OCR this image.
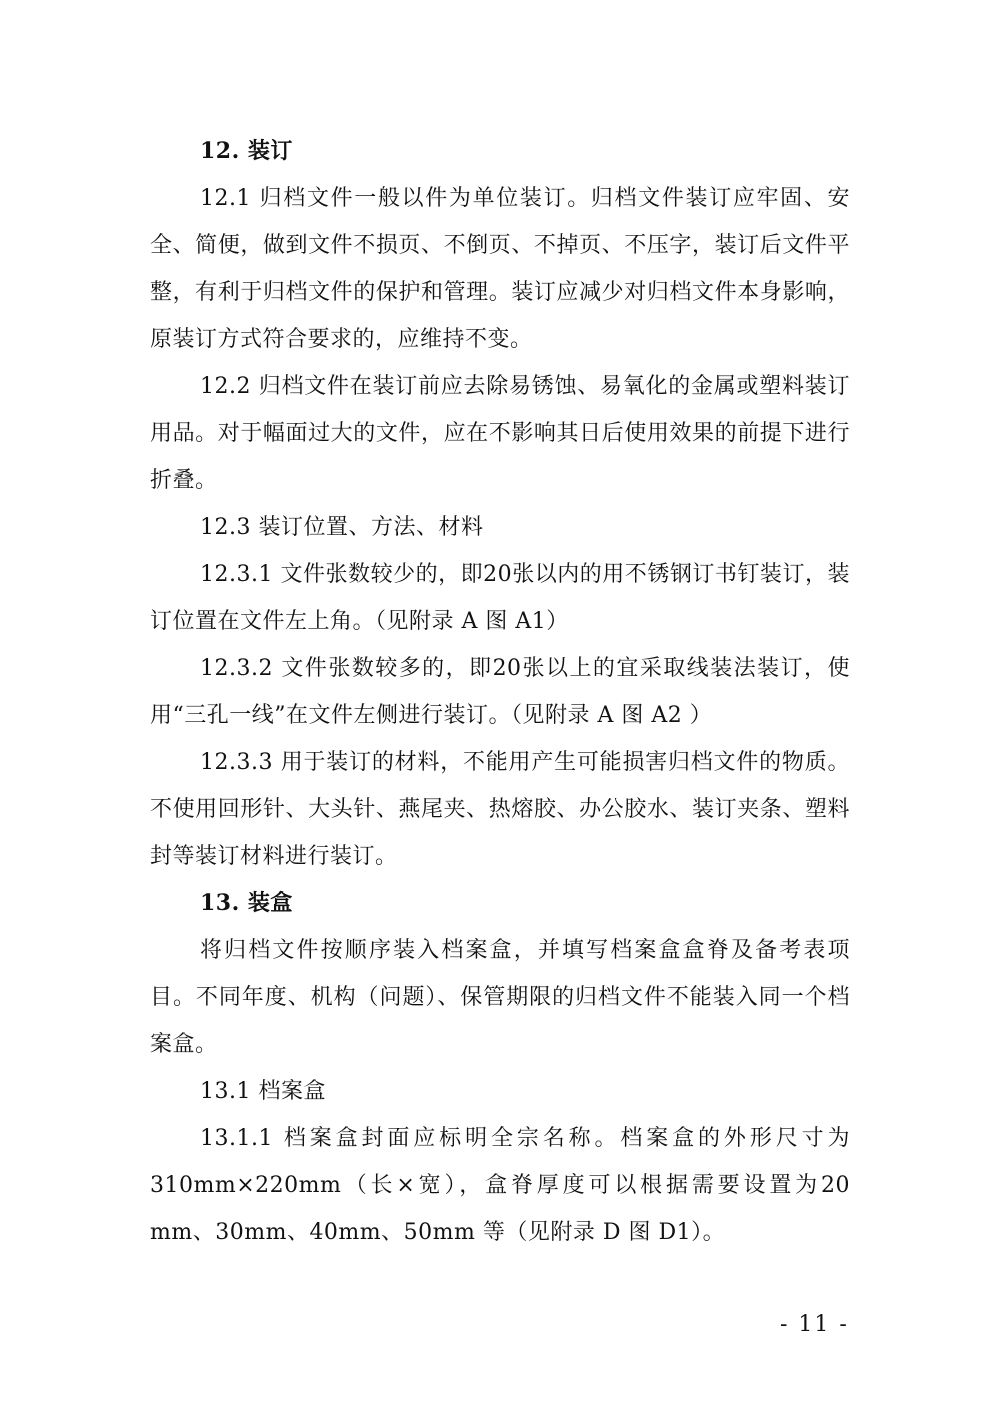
12. 装订

12.1 归档文件一般以件为单位装订。归档文件装订应牢固、安全、简便，做到文件不损页、不倒页、不掉页、不压字，装订后文件平整，有利于归档文件的保护和管理。装订应减少对归档文件本身影响，原装订方式符合要求的，应维持不变。

12.2 归档文件在装订前应去除易锈蚀、易氧化的金属或塑料装订用品。对于幅面过大的文件，应在不影响其日后使用效果的前提下进行折叠。

12.3 装订位置、方法、材料

12.3.1 文件张数较少的，即20张以内的用不锈钢订书钉装订，装订位置在文件左上角。（见附录 A 图 A1）

12.3.2 文件张数较多的，即20张以上的宜采取线装法装订，使用“三孔一线”在文件左侧进行装订。（见附录 A 图 A2 ）

12.3.3 用于装订的材料，不能用产生可能损害归档文件的物质。不使用回形针、大头针、燕尾夹、热熔胶、办公胶水、装订夹条、塑料封等装订材料进行装订。

13. 装盒

将归档文件按顺序装入档案盒，并填写档案盒盒脊及备考表项目。不同年度、机构（问题）、保管期限的归档文件不能装入同一个档案盒。

13.1 档案盒

13.1.1 档案盒封面应标明全宗名称。档案盒的外形尺寸为310mm×220mm（长×宽），盒脊厚度可以根据需要设置为20 mm、30mm、40mm、50mm 等（见附录 D 图 D1）。

- 11 -
